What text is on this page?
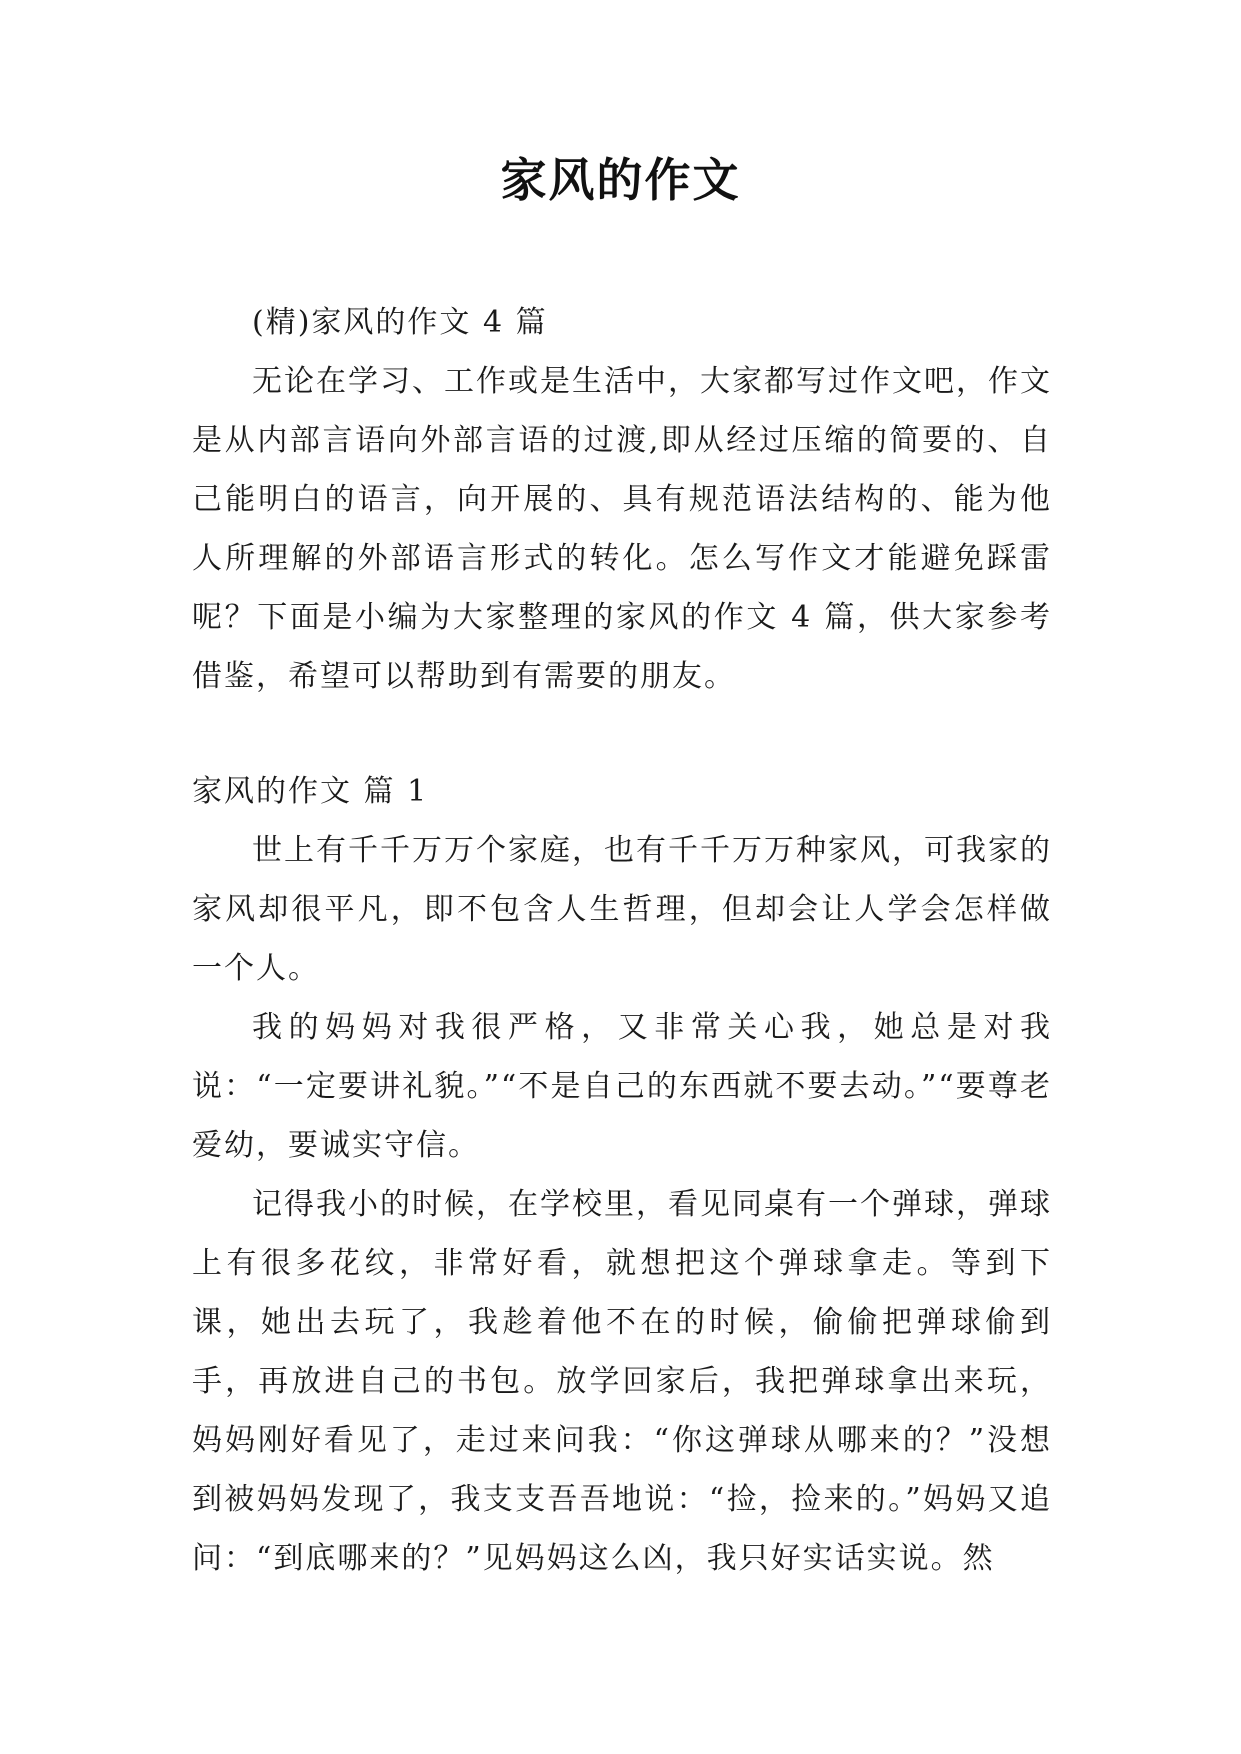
家风的作文

(精)家风的作文 4 篇

无论在学习、工作或是生活中，大家都写过作文吧，作文是从内部言语向外部言语的过渡,即从经过压缩的简要的、自己能明白的语言，向开展的、具有规范语法结构的、能为他人所理解的外部语言形式的转化。怎么写作文才能避免踩雷呢？下面是小编为大家整理的家风的作文 4 篇，供大家参考借鉴，希望可以帮助到有需要的朋友。

家风的作文 篇 1

世上有千千万万个家庭，也有千千万万种家风，可我家的家风却很平凡，即不包含人生哲理，但却会让人学会怎样做一个人。

我的妈妈对我很严格，又非常关心我，她总是对我说：“一定要讲礼貌。”“不是自己的东西就不要去动。”“要尊老爱幼，要诚实守信。

记得我小的时候，在学校里，看见同桌有一个弹球，弹球上有很多花纹，非常好看，就想把这个弹球拿走。等到下课，她出去玩了，我趁着他不在的时候，偷偷把弹球偷到手，再放进自己的书包。放学回家后，我把弹球拿出来玩，妈妈刚好看见了，走过来问我：“你这弹球从哪来的？”没想到被妈妈发现了，我支支吾吾地说：“捡，捡来的。”妈妈又追问：“到底哪来的？”见妈妈这么凶，我只好实话实说。然
